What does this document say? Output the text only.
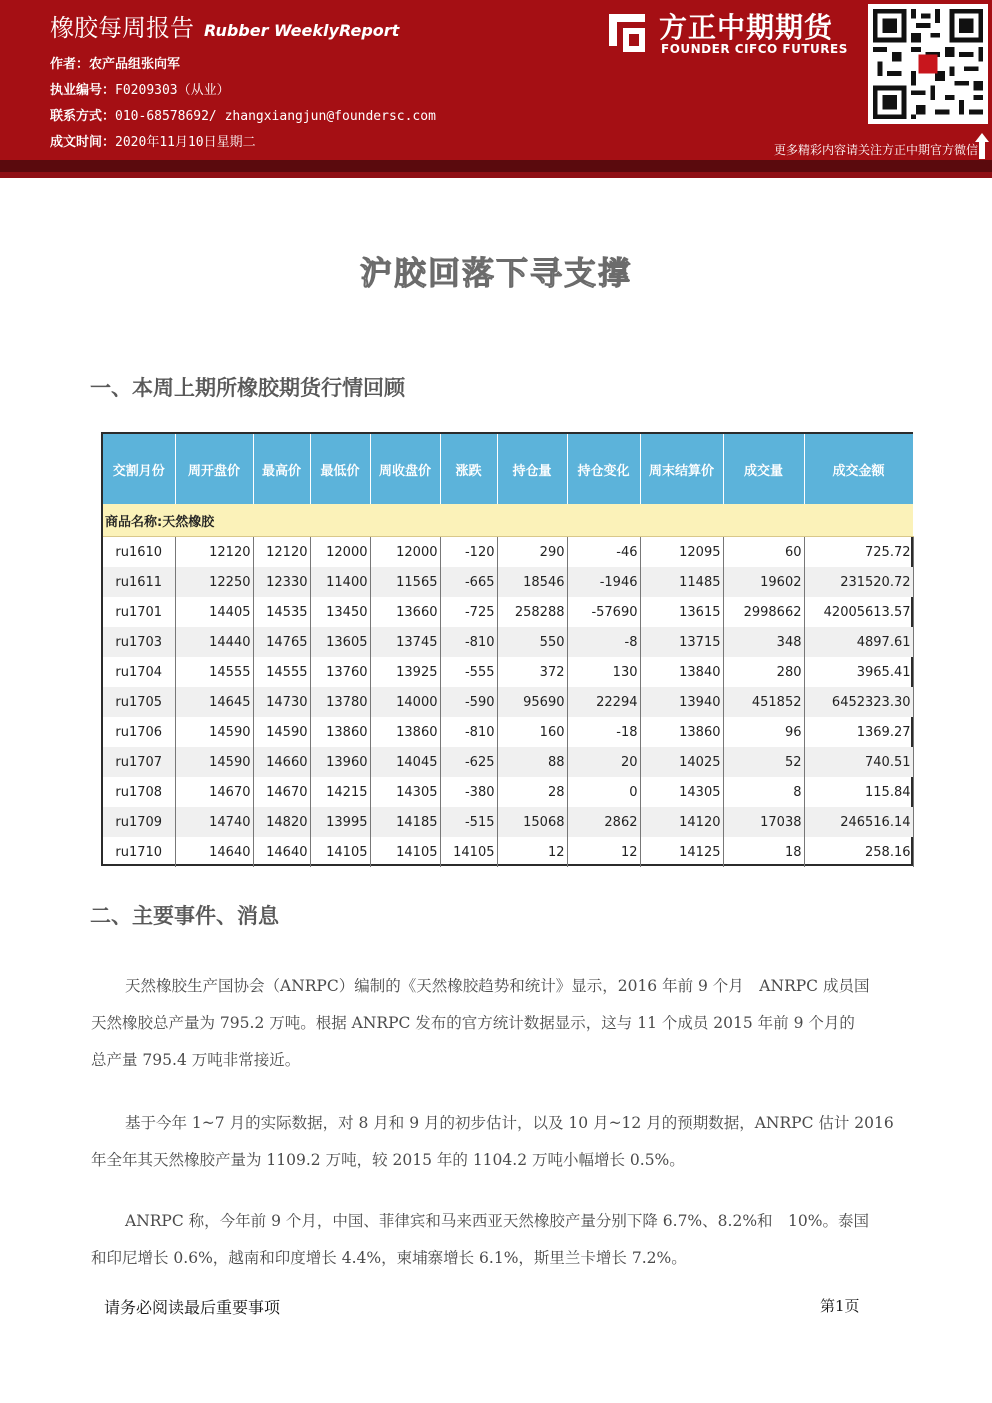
橡胶每周报告 Rubber WeeklyReport
作者：农产品组张向军
执业编号：F0209303（从业）
联系方式：010-68578692/ zhangxiangjun@foundersc.com
成文时间：2020年11月10日星期二
方正中期期货
FOUNDER CIFCO FUTURES
更多精彩内容请关注方正中期官方微信
沪胶回落下寻支撑
一、本周上期所橡胶期货行情回顾
交割月份	周开盘价	最高价	最低价	周收盘价	涨跌	持仓量	持仓变化	周末结算价	成交量	成交金额
商品名称:天然橡胶										
ru1610	12120	12120	12000	12000	-120	290	-46	12095	60	725.72
ru1611	12250	12330	11400	11565	-665	18546	-1946	11485	19602	231520.72
ru1701	14405	14535	13450	13660	-725	258288	-57690	13615	2998662	42005613.57
ru1703	14440	14765	13605	13745	-810	550	-8	13715	348	4897.61
ru1704	14555	14555	13760	13925	-555	372	130	13840	280	3965.41
ru1705	14645	14730	13780	14000	-590	95690	22294	13940	451852	6452323.30
ru1706	14590	14590	13860	13860	-810	160	-18	13860	96	1369.27
ru1707	14590	14660	13960	14045	-625	88	20	14025	52	740.51
ru1708	14670	14670	14215	14305	-380	28	0	14305	8	115.84
ru1709	14740	14820	13995	14185	-515	15068	2862	14120	17038	246516.14
ru1710	14640	14640	14105	14105	14105	12	12	14125	18	258.16
二、主要事件、消息
天然橡胶生产国协会（ANRPC）编制的《天然橡胶趋势和统计》显示，2016 年前 9 个月　ANRPC 成员国
天然橡胶总产量为 795.2 万吨。根据 ANRPC 发布的官方统计数据显示，这与 11 个成员 2015 年前 9 个月的
总产量 795.4 万吨非常接近。
基于今年 1~7 月的实际数据，对 8 月和 9 月的初步估计，以及 10 月~12 月的预期数据，ANRPC 估计 2016
年全年其天然橡胶产量为 1109.2 万吨，较 2015 年的 1104.2 万吨小幅增长 0.5%。
ANRPC 称，今年前 9 个月，中国、菲律宾和马来西亚天然橡胶产量分别下降 6.7%、8.2%和　10%。泰国
和印尼增长 0.6%，越南和印度增长 4.4%，柬埔寨增长 6.1%，斯里兰卡增长 7.2%。
请务必阅读最后重要事项	第1页
